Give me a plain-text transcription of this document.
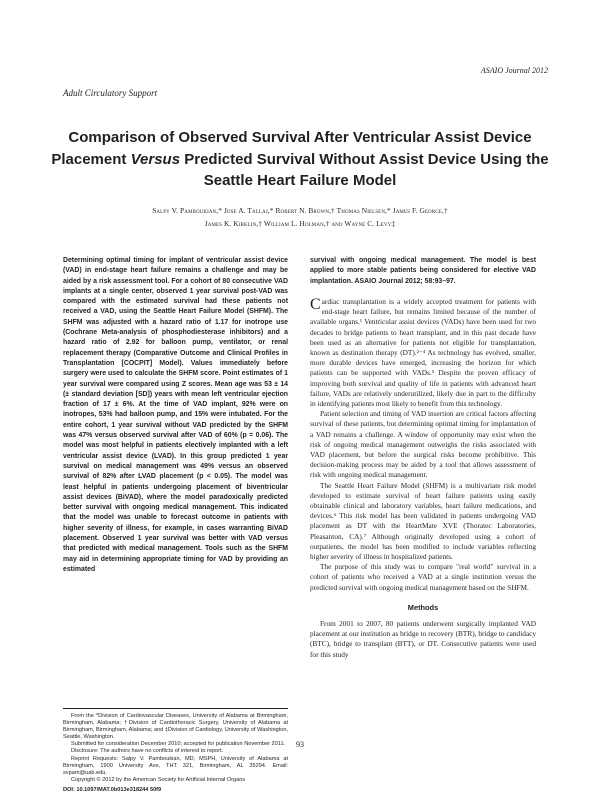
ASAIO Journal 2012
Adult Circulatory Support
Comparison of Observed Survival After Ventricular Assist Device Placement Versus Predicted Survival Without Assist Device Using the Seattle Heart Failure Model
Salpy V. Pamboukian,* Jose A. Tallaj,* Robert N. Brown,† Thomas Nielsen,* James F. George,†
James K. Kirklin,† William L. Holman,† and Wayne C. Levy‡

Determining optimal timing for implant of ventricular assist device (VAD) in end-stage heart failure remains a challenge and may be aided by a risk assessment tool. For a cohort of 80 consecutive VAD implants at a single center, observed 1 year survival post-VAD was compared with the estimated survival had these patients not received a VAD, using the Seattle Heart Failure Model (SHFM). The SHFM was adjusted with a hazard ratio of 1.17 for inotrope use (Cochrane Meta-analysis of phosphodiesterase inhibitors) and a hazard ratio of 2.92 for balloon pump, ventilator, or renal replacement therapy (Comparative Outcome and Clinical Profiles in Transplantation [COCPIT] Model). Values immediately before surgery were used to calculate the SHFM score. Point estimates of 1 year survival were compared using Z scores. Mean age was 53 ± 14 (± standard deviation [SD]) years with mean left ventricular ejection fraction of 17 ± 6%. At the time of VAD implant, 92% were on inotropes, 53% had balloon pump, and 15% were intubated. For the entire cohort, 1 year survival without VAD predicted by the SHFM was 47% versus observed survival after VAD of 60% (p = 0.06). The model was most helpful in patients electively implanted with a left ventricular assist device (LVAD). In this group predicted 1 year survival on medical management was 49% versus an observed survival of 82% after LVAD placement (p < 0.05). The model was least helpful in patients undergoing placement of biventricular assist devices (BiVAD), where the model paradoxically predicted better survival with ongoing medical management. This indicated that the model was unable to forecast outcome in patients with higher severity of illness, for example, in cases warranting BiVAD placement. Observed 1 year survival was better with VAD versus that predicted with medical management. Tools such as the SHFM may aid in determining appropriate timing for VAD by providing an estimated

survival with ongoing medical management. The model is best applied to more stable patients being considered for elective VAD implantation. ASAIO Journal 2012; 58:93–97.

Cardiac transplantation is a widely accepted treatment for patients with end-stage heart failure, but remains limited because of the number of available organs.¹ Ventricular assist devices (VADs) have been used for two decades to bridge patients to heart transplant, and in this past decade have been used as an alternative for patients not eligible for transplantation, known as destination therapy (DT).²⁻⁴ As technology has evolved, smaller, more durable devices have emerged, increasing the horizon for which patients can be supported with VADs.⁵ Despite the proven efficacy of improving both survival and quality of life in patients with advanced heart failure, VADs are relatively underutilized, likely due in part to the difficulty in identifying patients most likely to benefit from this technology.

Patient selection and timing of VAD insertion are critical factors affecting survival of these patients, but determining optimal timing for implantation of a VAD remains a challenge. A window of opportunity may exist when the risk of ongoing medical management outweighs the risks associated with VAD placement, but before the surgical risks become prohibitive. This decision-making process may be aided by a tool that allows assessment of risk with ongoing medical management.

The Seattle Heart Failure Model (SHFM) is a multivariate risk model developed to estimate survival of heart failure patients using easily obtainable clinical and laboratory variables, heart failure medications, and devices.⁶ This risk model has been validated in patients undergoing VAD placement as DT with the HeartMate XVE (Thoratec Laboratories, Pleasanton, CA).⁷ Although originally developed using a cohort of outpatients, the model has been modified to include variables reflecting higher severity of illness in hospitalized patients.

The purpose of this study was to compare "real world" survival in a cohort of patients who received a VAD at a single institution versus the predicted survival with ongoing medical management based on the SHFM.

Methods

From 2001 to 2007, 80 patients underwent surgically implanted VAD placement at our institution as bridge to recovery (BTR), bridge to candidacy (BTC), bridge to transplant (BTT), or DT. Consecutive patients were used for this study

From the *Division of Cardiovascular Diseases, University of Alabama at Birmingham, Birmingham, Alabama; †Division of Cardiothoracic Surgery, University of Alabama at Birmingham, Birmingham, Alabama; and ‡Division of Cardiology, University of Washington, Seattle, Washington.

Submitted for consideration December 2010; accepted for publication November 2011.

Disclosure: The authors have no conflicts of interest to report.

Reprint Requests: Salpy V. Pamboukian, MD, MSPH, University of Alabama at Birmingham, 1900 University Ave, THT 321, Birmingham, AL 35294. Email: svpam@uab.edu.

Copyright © 2012 by the American Society for Artificial Internal Organs

DOI: 10.1097/MAT.0b013e318244 50f9
93
